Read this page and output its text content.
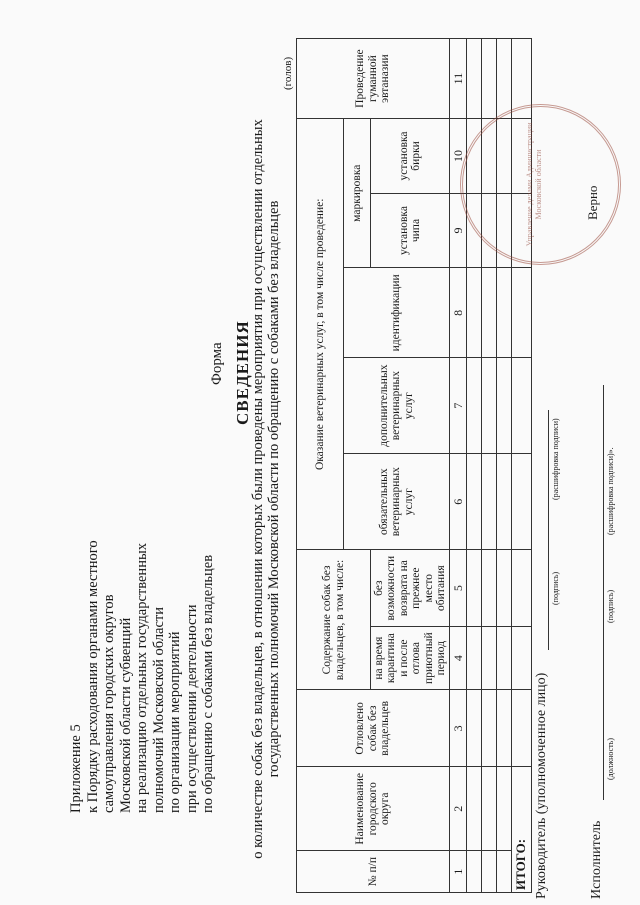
Приложение 5 к Порядку расходования органами местного самоуправления городских округов Московской области субвенций на реализацию отдельных государственных полномочий Московской области по организации мероприятий при осуществлении деятельности по обращению с собаками без владельцев
Форма СВЕДЕНИЯ
о количестве собак без владельцев, в отношении которых были проведены мероприятия при осуществлении отдельных государственных полномочий Московской области по обращению с собаками без владельцев
(голов)
№ п/п	Наименование городского округа	Отловлено собак без владельцев	Содержание собак без владельцев, в том числе:		Оказание ветеринарных услуг, в том числе проведение:					Проведение гуманной эвтаназии
					обязательных ветеринарных услуг	дополнительных ветеринарных услуг	идентификации	маркировка		
			на время карантина и после отлова приютный период	без возможности возврата на прежнее место обитания				установка чипа	установка бирки	

1	2	3	4	5	6	7	8	9	10	11

ИТОГО:										Руководитель (уполномоченное лицо)
(подпись)
(расшифровка подписи)
Исполнитель
(должность)
(подпись)
(расшифровка подписи)».
Управление делами Администрации Московской области	Верно
